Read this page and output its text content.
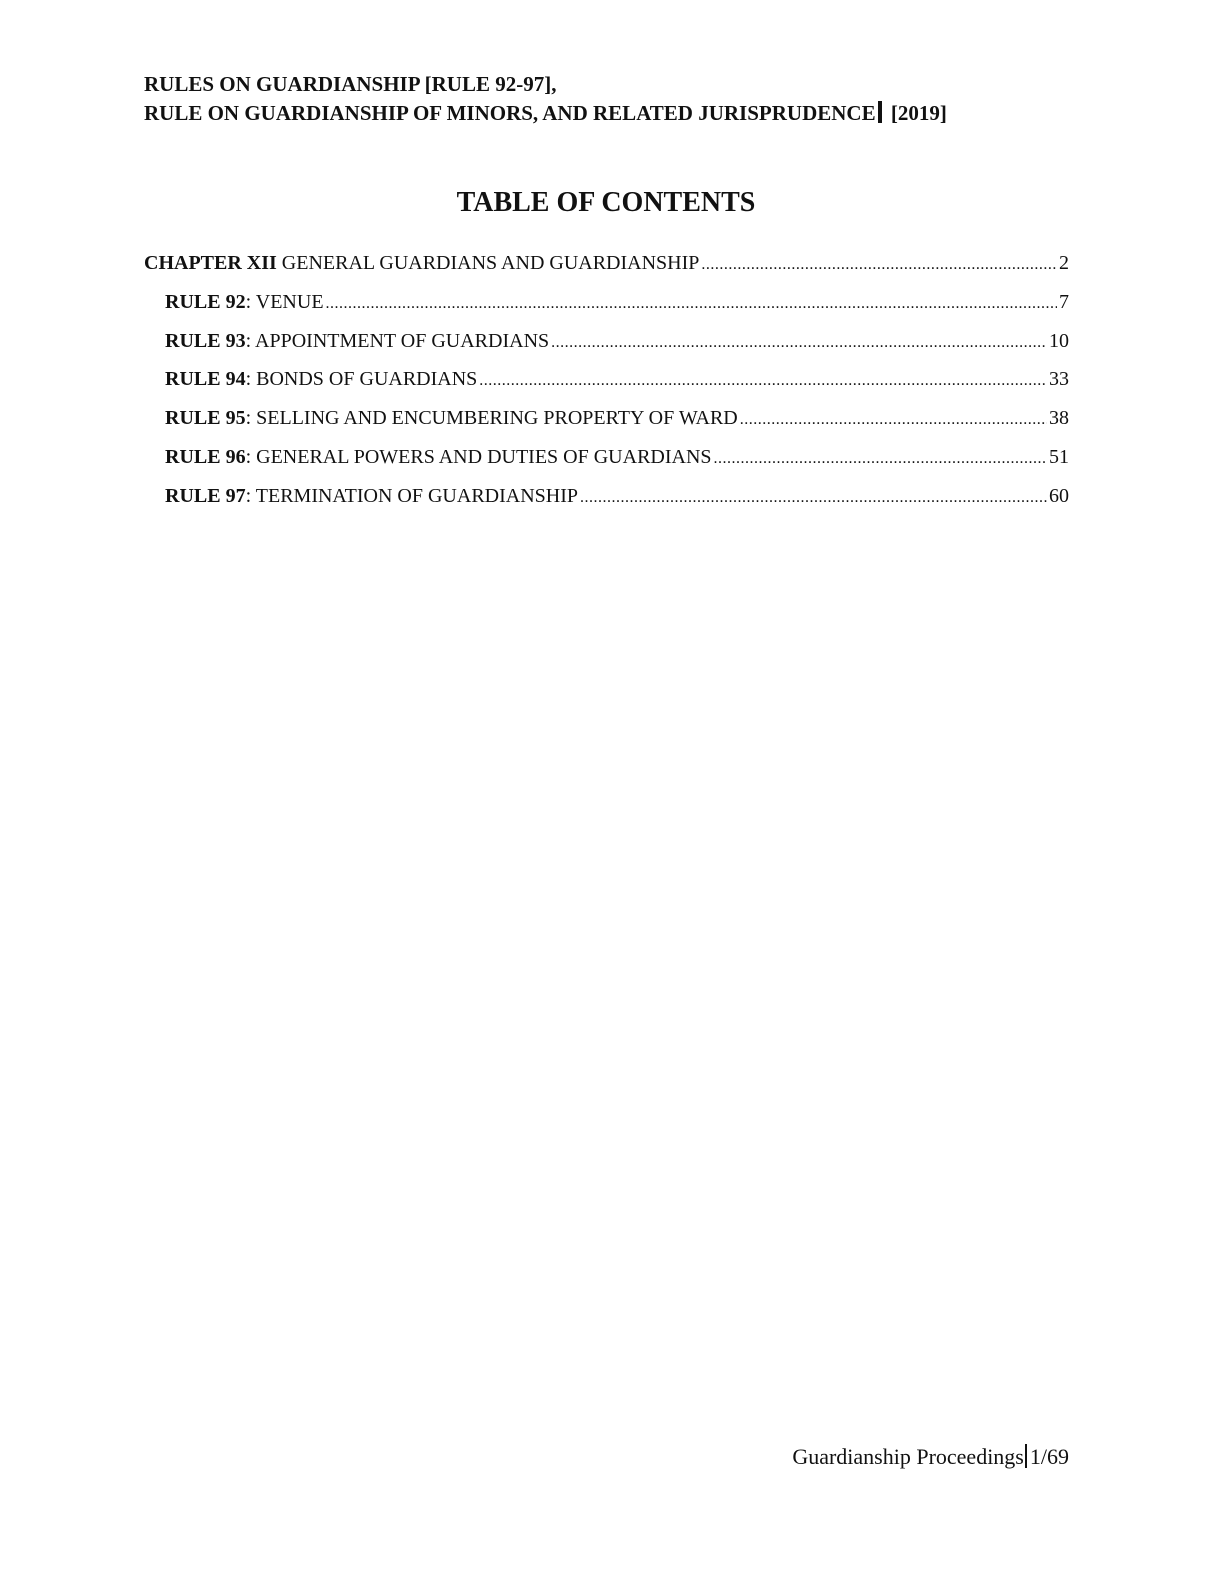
RULES ON GUARDIANSHIP [RULE 92-97],
RULE ON GUARDIANSHIP OF MINORS, AND RELATED JURISPRUDENCE [2019]
TABLE OF CONTENTS
CHAPTER XII GENERAL GUARDIANS AND GUARDIANSHIP .....	2
RULE 92: VENUE .....	7
RULE 93: APPOINTMENT OF GUARDIANS .....	10
RULE 94: BONDS OF GUARDIANS .....	33
RULE 95: SELLING AND ENCUMBERING PROPERTY OF WARD .....	38
RULE 96: GENERAL POWERS AND DUTIES OF GUARDIANS .....	51
RULE 97: TERMINATION OF GUARDIANSHIP .....	60
Guardianship Proceedings 1/69
